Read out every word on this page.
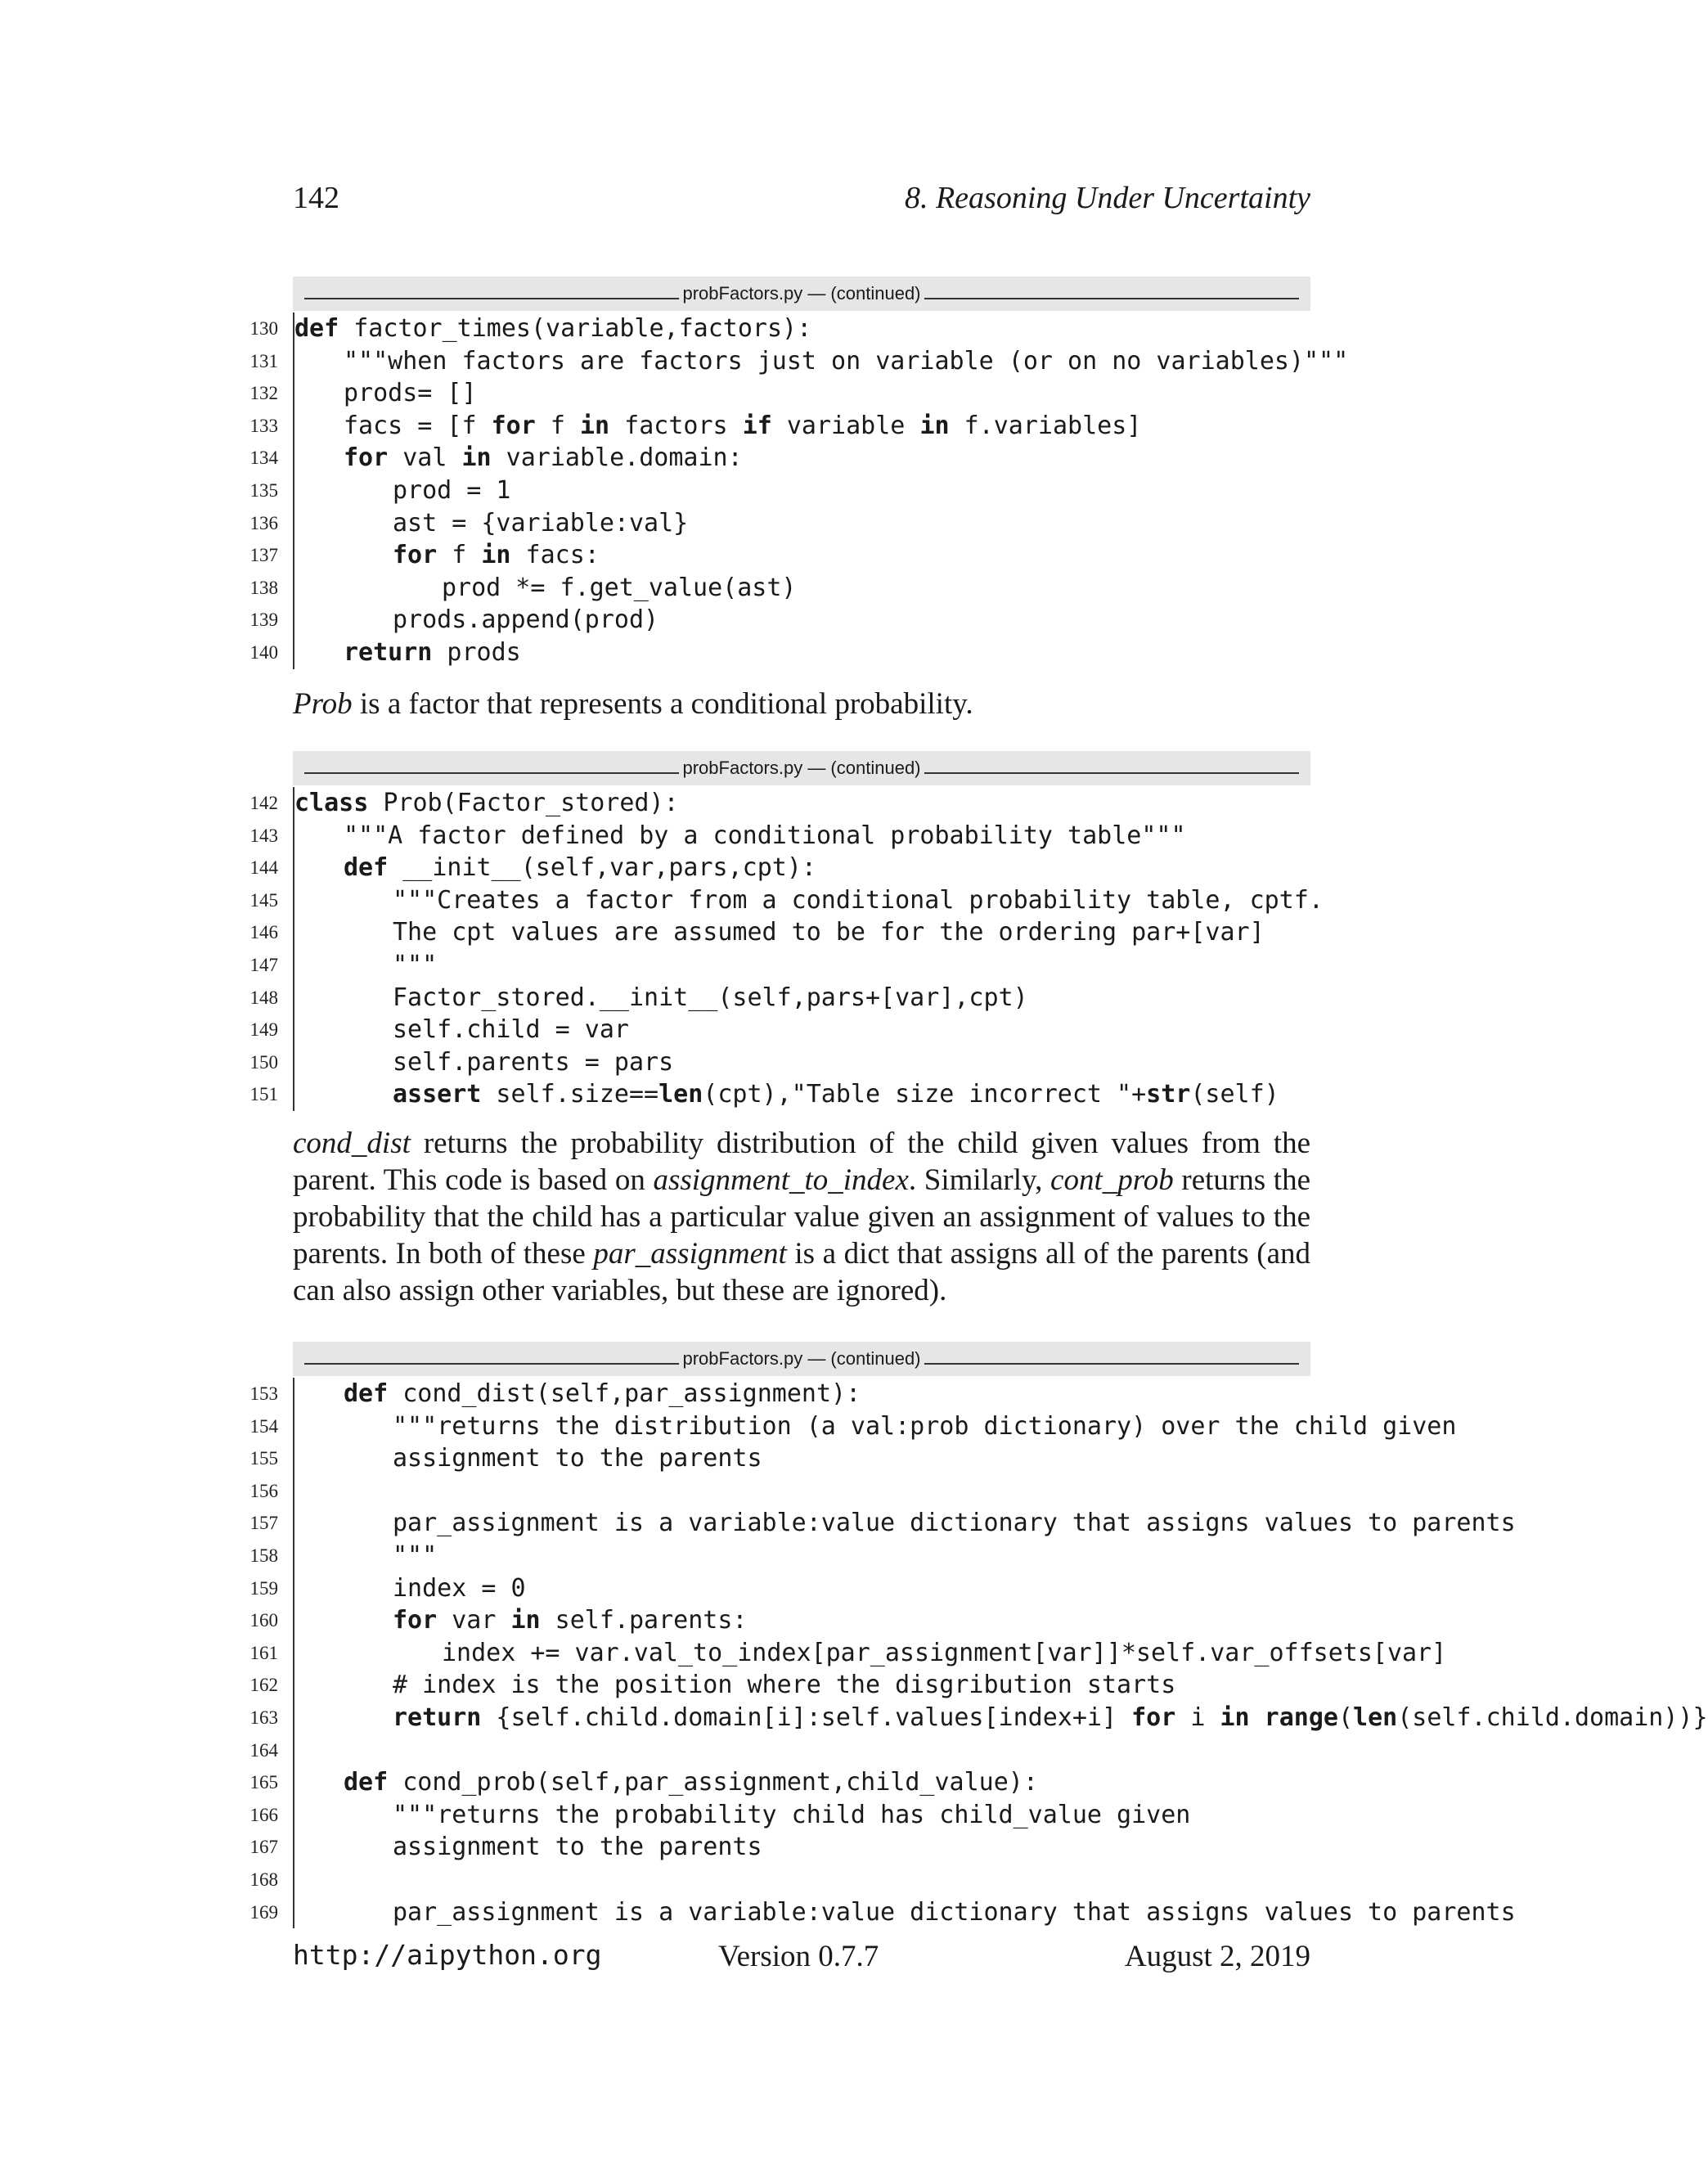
142	8. Reasoning Under Uncertainty
probFactors.py — (continued)
130 def factor_times(variable,factors):
131	"""when factors are factors just on variable (or on no variables)"""
132	prods= []
133	facs = [f for f in factors if variable in f.variables]
134	for val in variable.domain:
135	prod = 1
136	ast = {variable:val}
137	for f in facs:
138	prod *= f.get_value(ast)
139	prods.append(prod)
140	return prods
Prob is a factor that represents a conditional probability.
probFactors.py — (continued)
142 class Prob(Factor_stored):
143	"""A factor defined by a conditional probability table"""
144	def __init__(self,var,pars,cpt):
145	"""Creates a factor from a conditional probability table, cptf.
146	The cpt values are assumed to be for the ordering par+[var]
147	"""
148	Factor_stored.__init__(self,pars+[var],cpt)
149	self.child = var
150	self.parents = pars
151	assert self.size==len(cpt),"Table size incorrect "+str(self)
cond_dist returns the probability distribution of the child given values from the parent. This code is based on assignment_to_index. Similarly, cont_prob returns the probability that the child has a particular value given an assignment of values to the parents. In both of these par_assignment is a dict that assigns all of the parents (and can also assign other variables, but these are ignored).
probFactors.py — (continued)
153	def cond_dist(self,par_assignment):
154	"""returns the distribution (a val:prob dictionary) over the child given
155	assignment to the parents
156
157	par_assignment is a variable:value dictionary that assigns values to parents
158	"""
159	index = 0
160	for var in self.parents:
161	index += var.val_to_index[par_assignment[var]]*self.var_offsets[var]
162	# index is the position where the disgribution starts
163	return {self.child.domain[i]:self.values[index+i] for i in range(len(self.child.domain))}
164
165	def cond_prob(self,par_assignment,child_value):
166	"""returns the probability child has child_value given
167	assignment to the parents
168
169	par_assignment is a variable:value dictionary that assigns values to parents
http://aipython.org	Version 0.7.7	August 2, 2019
